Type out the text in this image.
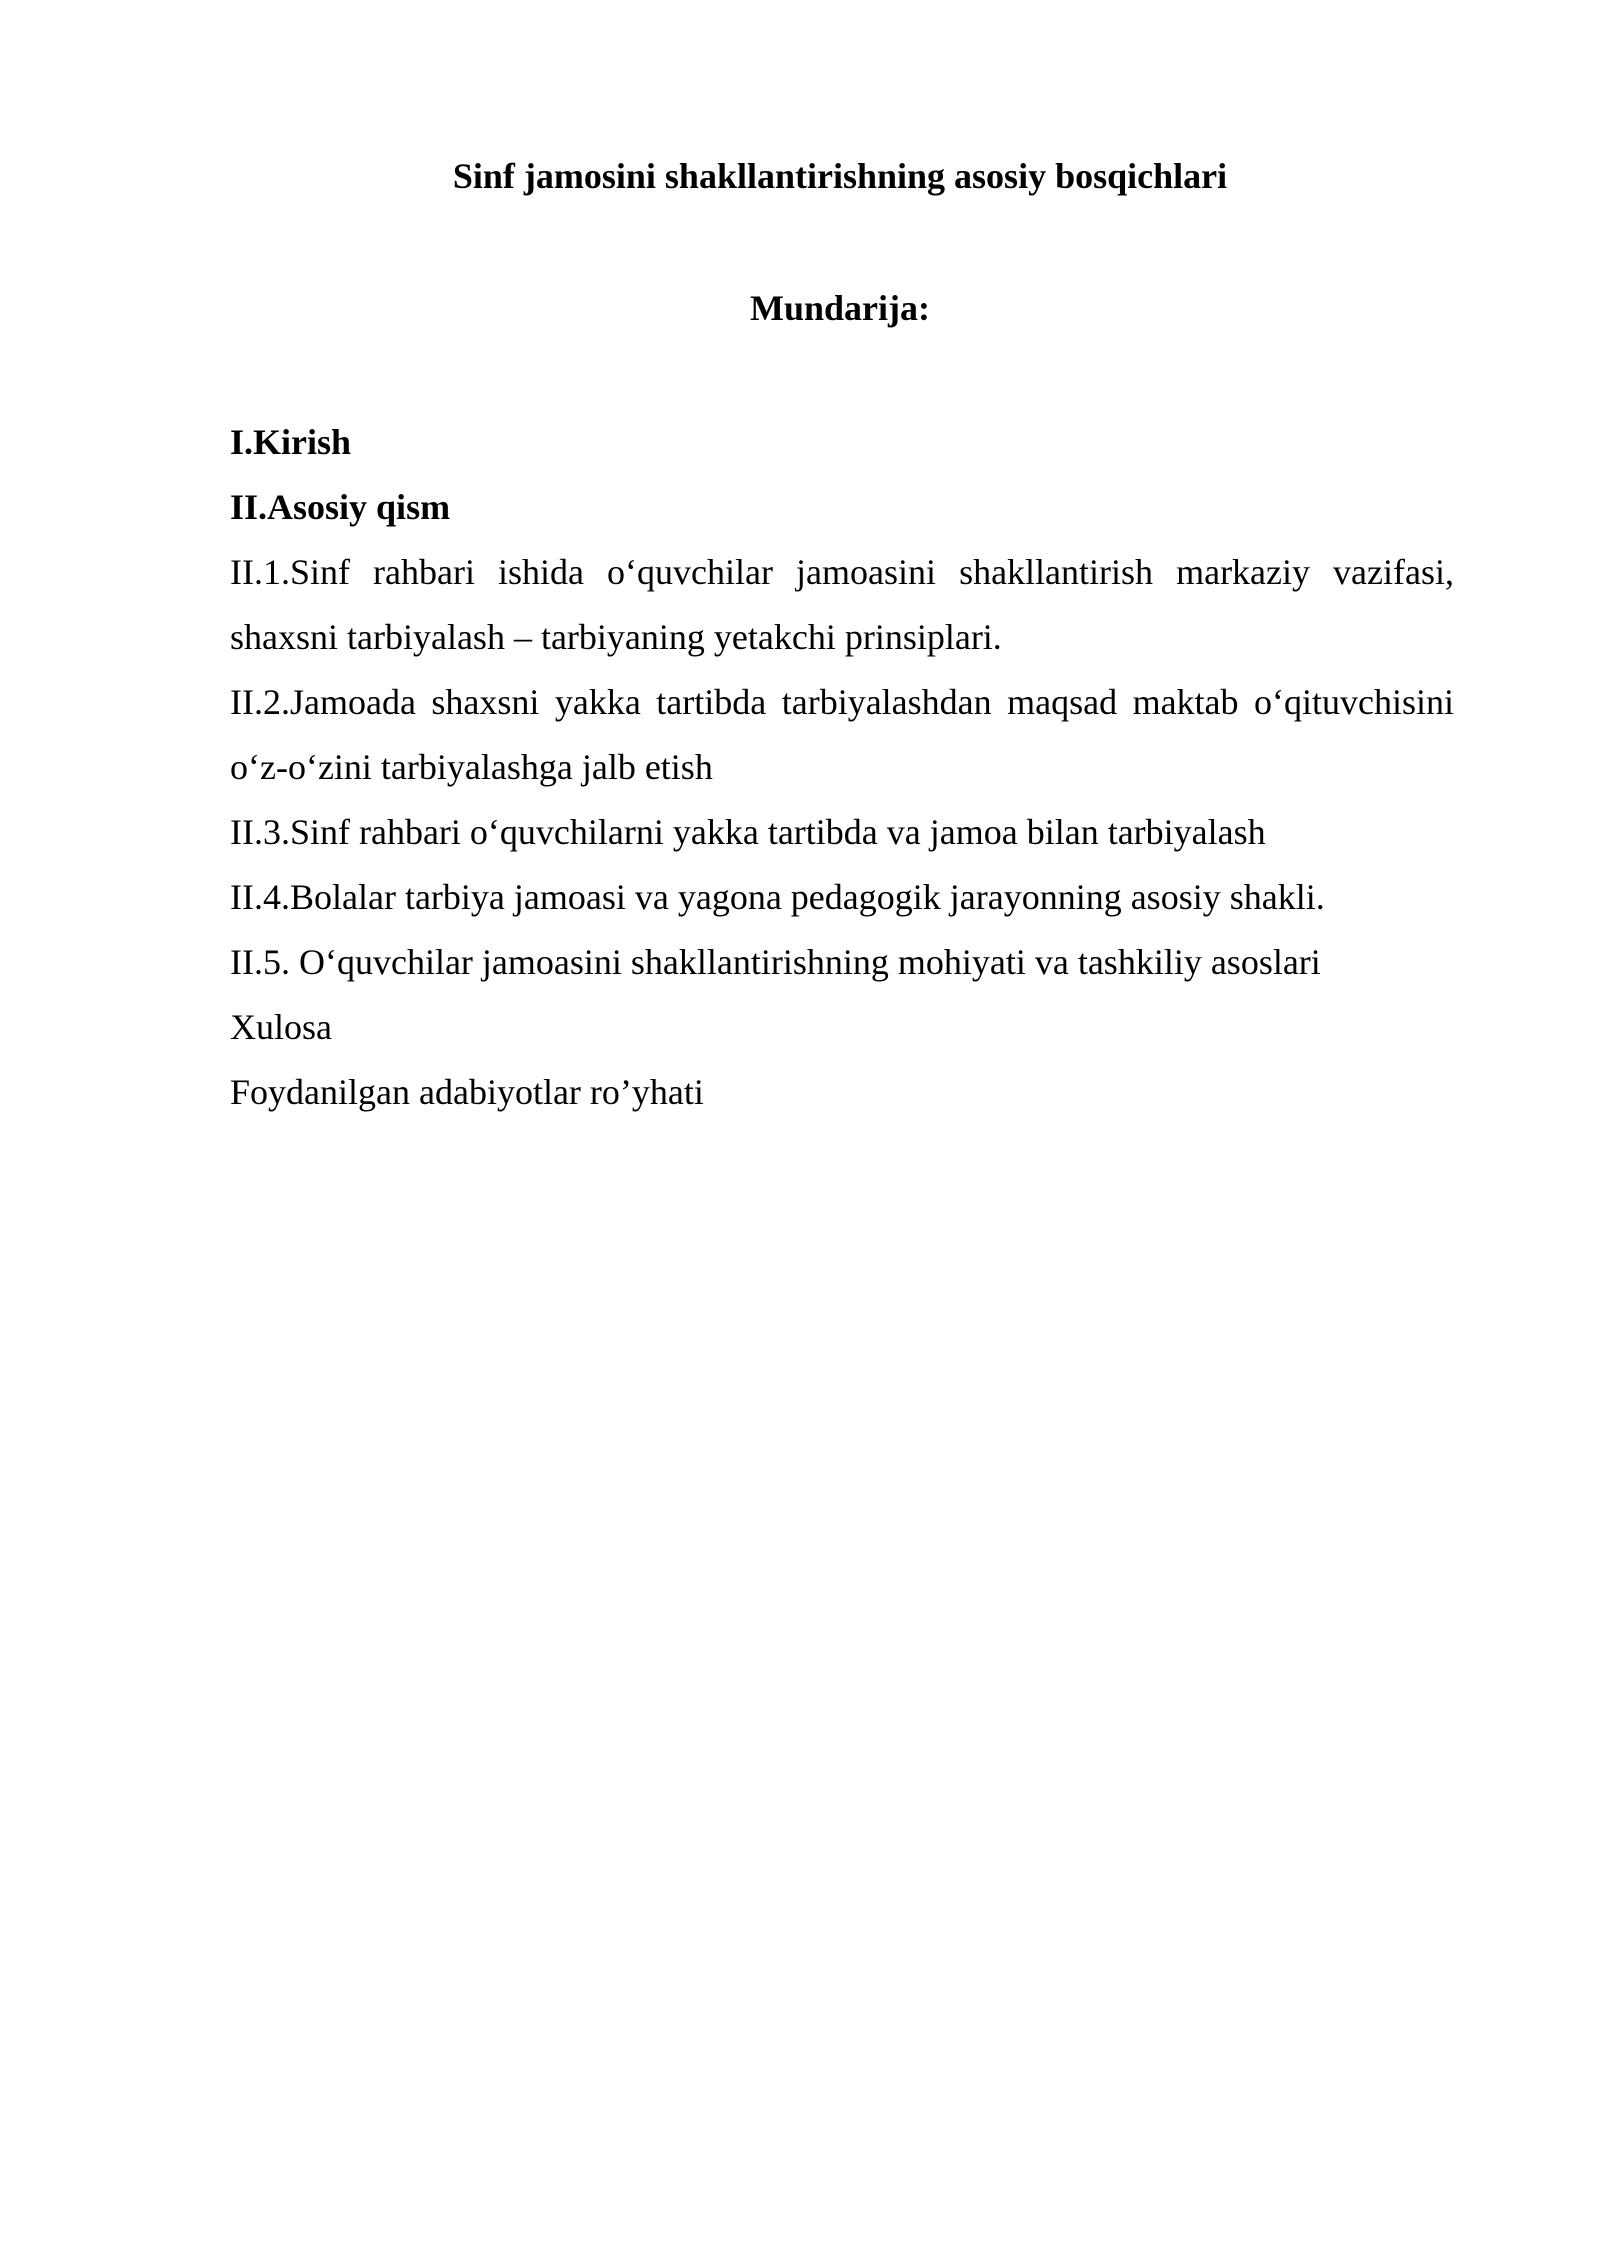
Sinf jamosini shakllantirishning asosiy bosqichlari
Mundarija:

I.Kirish

II.Asosiy qism

II.1.Sinf rahbari ishida o‘quvchilar jamoasini shakllantirish markaziy vazifasi, shaxsni tarbiyalash – tarbiyaning yetakchi prinsiplari.

II.2.Jamoada shaxsni yakka tartibda tarbiyalashdan maqsad maktab o‘qituvchisini o‘z-o‘zini tarbiyalashga jalb etish

II.3.Sinf rahbari o‘quvchilarni yakka tartibda va jamoa bilan tarbiyalash

II.4.Bolalar tarbiya jamoasi va yagona pedagogik jarayonning asosiy shakli.

II.5. O‘quvchilar jamoasini shakllantirishning mohiyati va tashkiliy asoslari

Xulosa

Foydanilgan adabiyotlar ro’yhati
